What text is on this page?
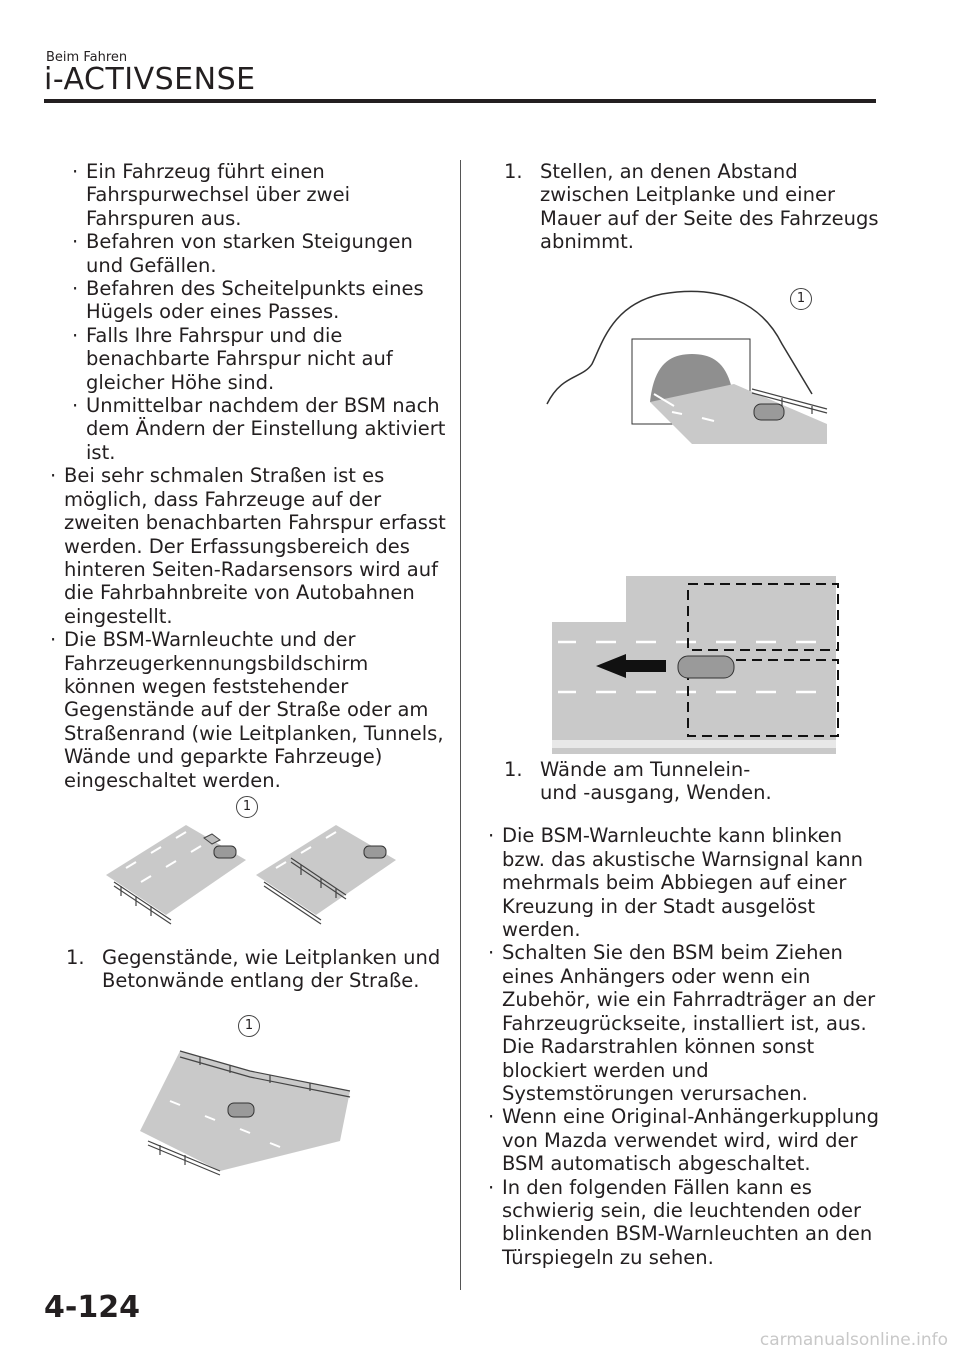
Beim Fahren
i-ACTIVSENSE
· Ein Fahrzeug führt einen Fahrspurwechsel über zwei Fahrspuren aus.
· Befahren von starken Steigungen und Gefällen.
· Befahren des Scheitelpunkts eines Hügels oder eines Passes.
· Falls Ihre Fahrspur und die benachbarte Fahrspur nicht auf gleicher Höhe sind.
· Unmittelbar nachdem der BSM nach dem Ändern der Einstellung aktiviert ist.
· Bei sehr schmalen Straßen ist es möglich, dass Fahrzeuge auf der zweiten benachbarten Fahrspur erfasst werden. Der Erfassungsbereich des hinteren Seiten-Radarsensors wird auf die Fahrbahnbreite von Autobahnen eingestellt.
· Die BSM-Warnleuchte und der Fahrzeugerkennungsbildschirm können wegen feststehender Gegenstände auf der Straße oder am Straßenrand (wie Leitplanken, Tunnels, Wände und geparkte Fahrzeuge) eingeschaltet werden.
1
1. Gegenstände, wie Leitplanken und Betonwände entlang der Straße.
1
1. Stellen, an denen Abstand zwischen Leitplanke und einer Mauer auf der Seite des Fahrzeugs abnimmt.
1
1. Wände am Tunnelein-
und -ausgang, Wenden.
· Die BSM-Warnleuchte kann blinken bzw. das akustische Warnsignal kann mehrmals beim Abbiegen auf einer Kreuzung in der Stadt ausgelöst werden.
· Schalten Sie den BSM beim Ziehen eines Anhängers oder wenn ein Zubehör, wie ein Fahrradträger an der Fahrzeugrückseite, installiert ist, aus. Die Radarstrahlen können sonst blockiert werden und Systemstörungen verursachen.
· Wenn eine Original-Anhängerkupplung von Mazda verwendet wird, wird der BSM automatisch abgeschaltet.
· In den folgenden Fällen kann es schwierig sein, die leuchtenden oder blinkenden BSM-Warnleuchten an den Türspiegeln zu sehen.
4-124
carmanualsonline.info
